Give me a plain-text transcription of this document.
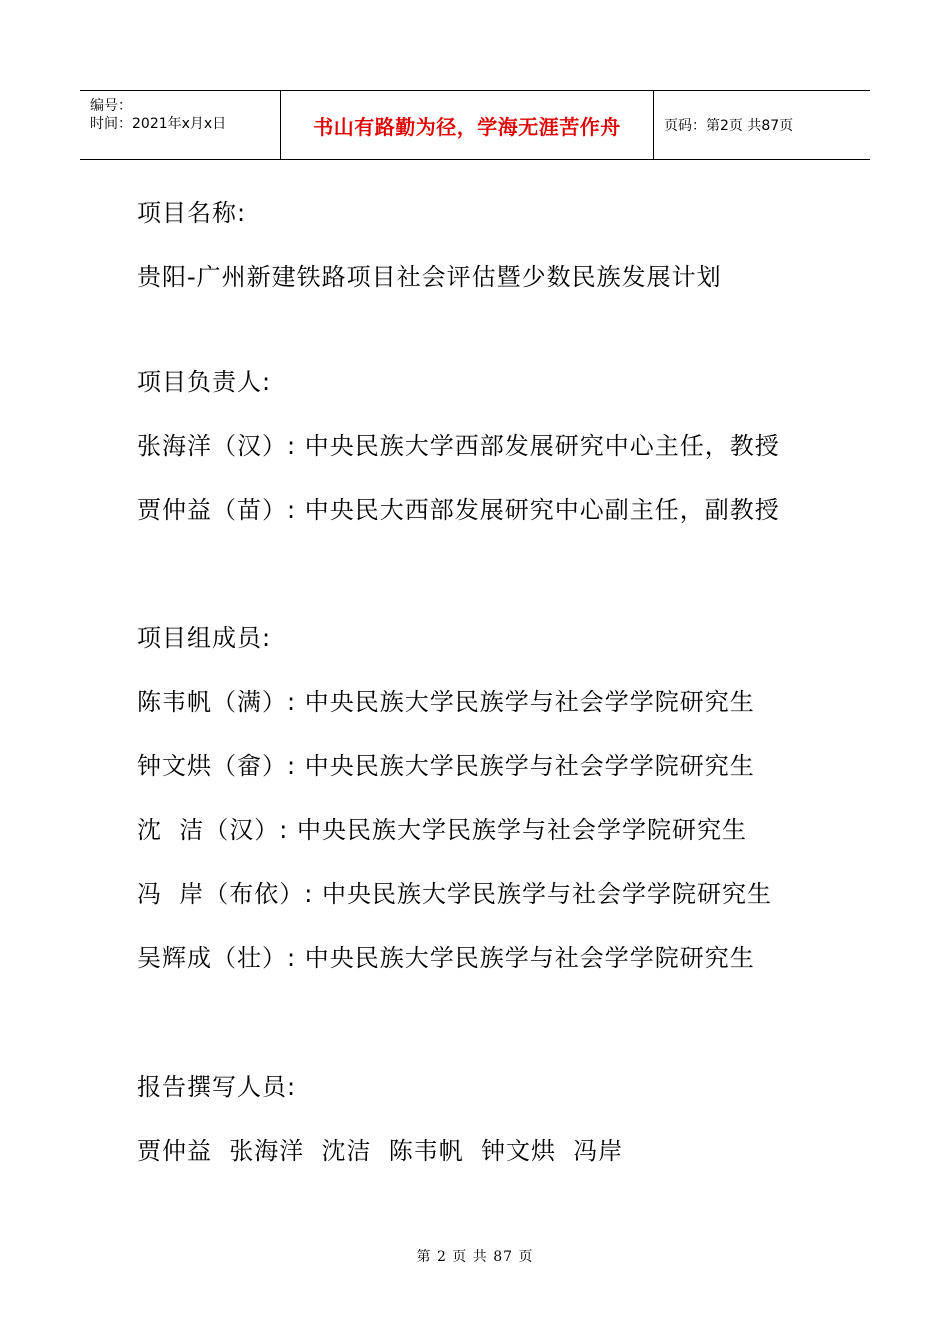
编号：
时间：2021年x月x日	书山有路勤为径，学海无涯苦作舟	页码：第2页 共87页
项目名称:
贵阳-广州新建铁路项目社会评估暨少数民族发展计划
项目负责人:
张海洋（汉）: 中央民族大学西部发展研究中心主任，教授
贾仲益（苗）: 中央民大西部发展研究中心副主任，副教授
项目组成员:
陈韦帆（满）: 中央民族大学民族学与社会学学院研究生
钟文烘（畲）: 中央民族大学民族学与社会学学院研究生
沈  洁（汉）: 中央民族大学民族学与社会学学院研究生
冯  岸（布依）: 中央民族大学民族学与社会学学院研究生
吴辉成（壮）: 中央民族大学民族学与社会学学院研究生
报告撰写人员:
贾仲益  张海洋  沈洁  陈韦帆  钟文烘  冯岸
第 2 页 共 87 页
